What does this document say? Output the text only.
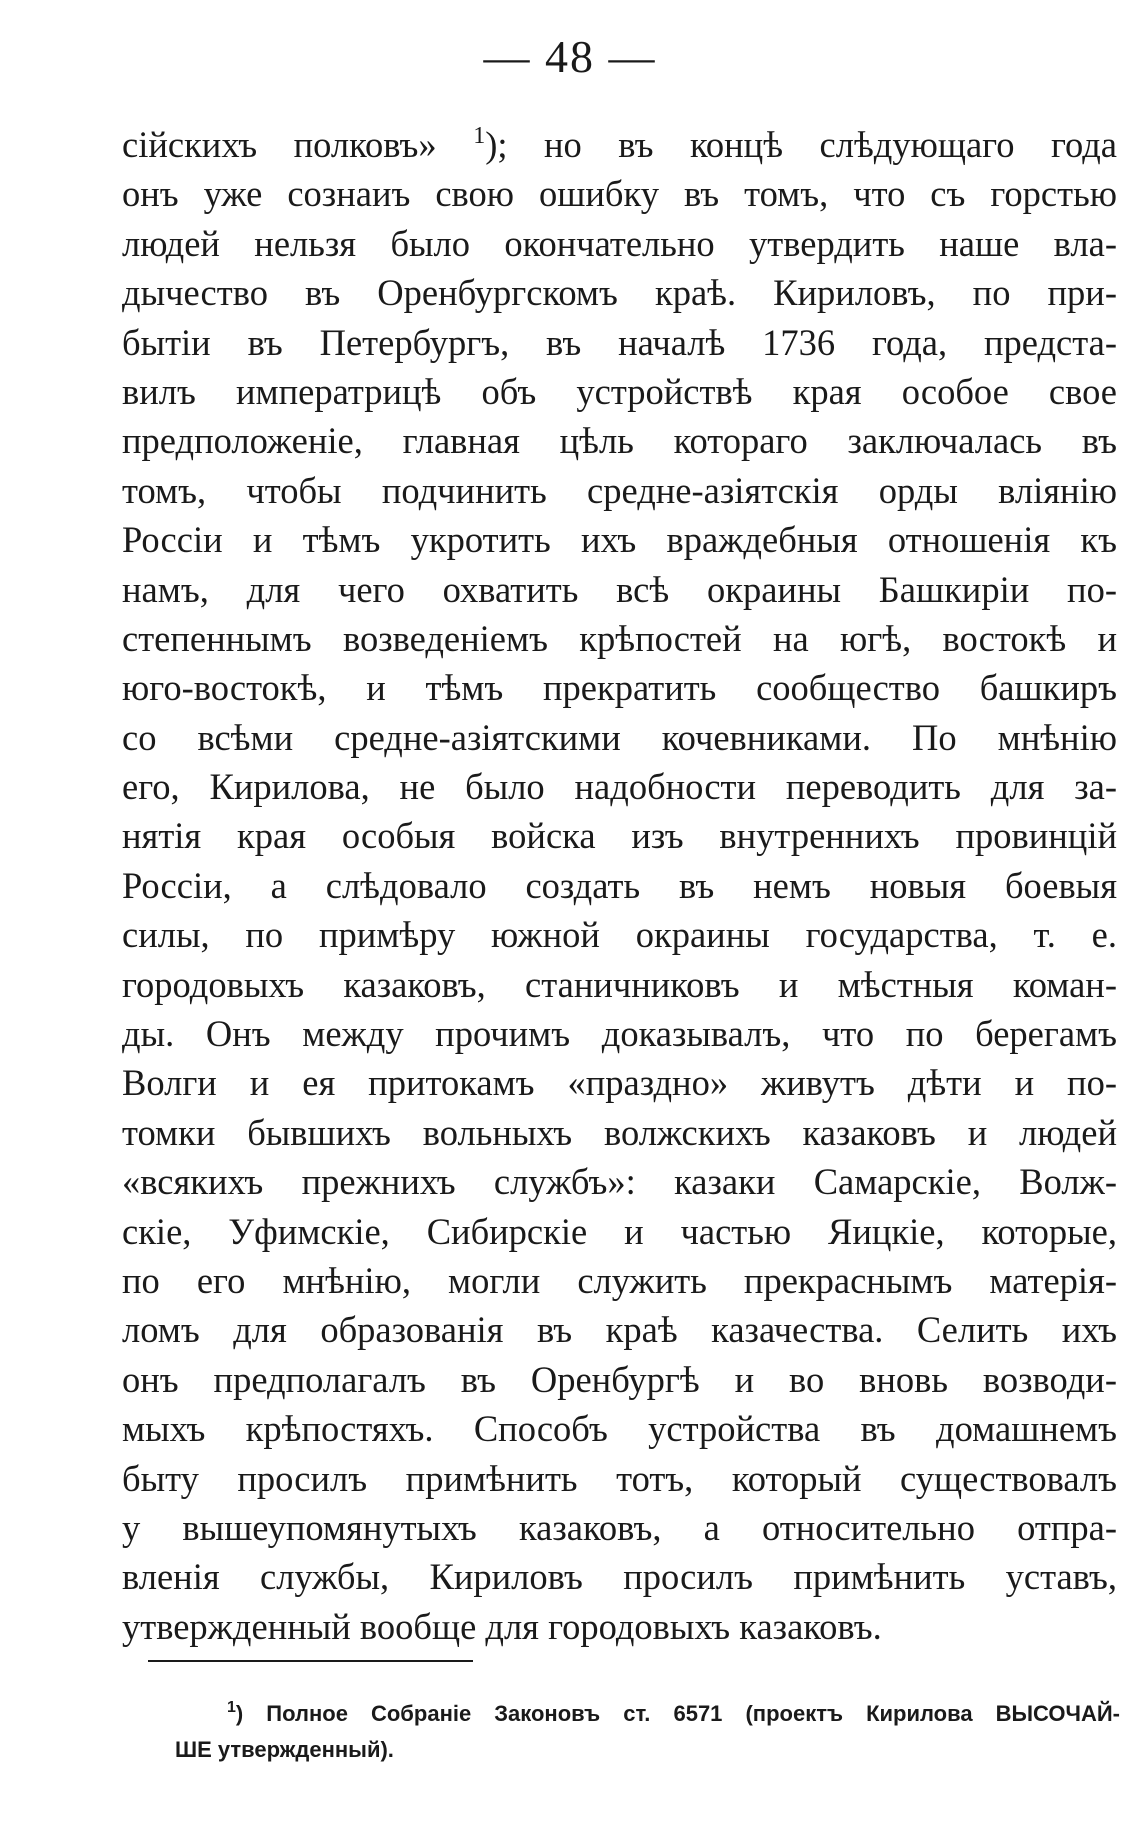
— 48 —
сійскихъ полковъ» $^1$); но въ концѣ слѣдующаго года
онъ уже сознаиъ свою ошибку въ томъ, что съ горстью
людей нельзя было окончательно утвердить наше вла-
дычество въ Оренбургскомъ краѣ. Кириловъ, по при-
бытіи въ Петербургъ, въ началѣ 1736 года, предста-
вилъ императрицѣ объ устройствѣ края особое свое
предположеніе, главная цѣль котораго заключалась въ
томъ, чтобы подчинить средне-азіятскія орды вліянію
Россіи и тѣмъ укротить ихъ враждебныя отношенія къ
намъ, для чего охватить всѣ окраины Башкиріи по-
степеннымъ возведеніемъ крѣпостей на югѣ, востокѣ и
юго-востокѣ, и тѣмъ прекратить сообщество башкиръ
со всѣми средне-азіятскими кочевниками. По мнѣнію
его, Кирилова, не было надобности переводить для за-
нятія края особыя войска изъ внутреннихъ провинцій
Россіи, а слѣдовало создать въ немъ новыя боевыя
силы, по примѣру южной окраины государства, т. е.
городовыхъ казаковъ, станичниковъ и мѣстныя коман-
ды. Онъ между прочимъ доказывалъ, что по берегамъ
Волги и ея притокамъ «праздно» живутъ дѣти и по-
томки бывшихъ вольныхъ волжскихъ казаковъ и людей
«всякихъ прежнихъ службъ»: казаки Самарскіе, Волж-
скіе, Уфимскіе, Сибирскіе и частью Яицкіе, которые,
по его мнѣнію, могли служить прекраснымъ матерія-
ломъ для образованія въ краѣ казачества. Селить ихъ
онъ предполагалъ въ Оренбургѣ и во вновь возводи-
мыхъ крѣпостяхъ. Способъ устройства въ домашнемъ
быту просилъ примѣнить тотъ, который существовалъ
у вышеупомянутыхъ казаковъ, а относительно отпра-
вленія службы, Кириловъ просилъ примѣнить уставъ,
утвержденный вообще для городовыхъ казаковъ.
$^1$) Полное Собраніе Законовъ ст. 6571 (проектъ Кирилова ВЫСОЧАЙ-
ШЕ утвержденный).
